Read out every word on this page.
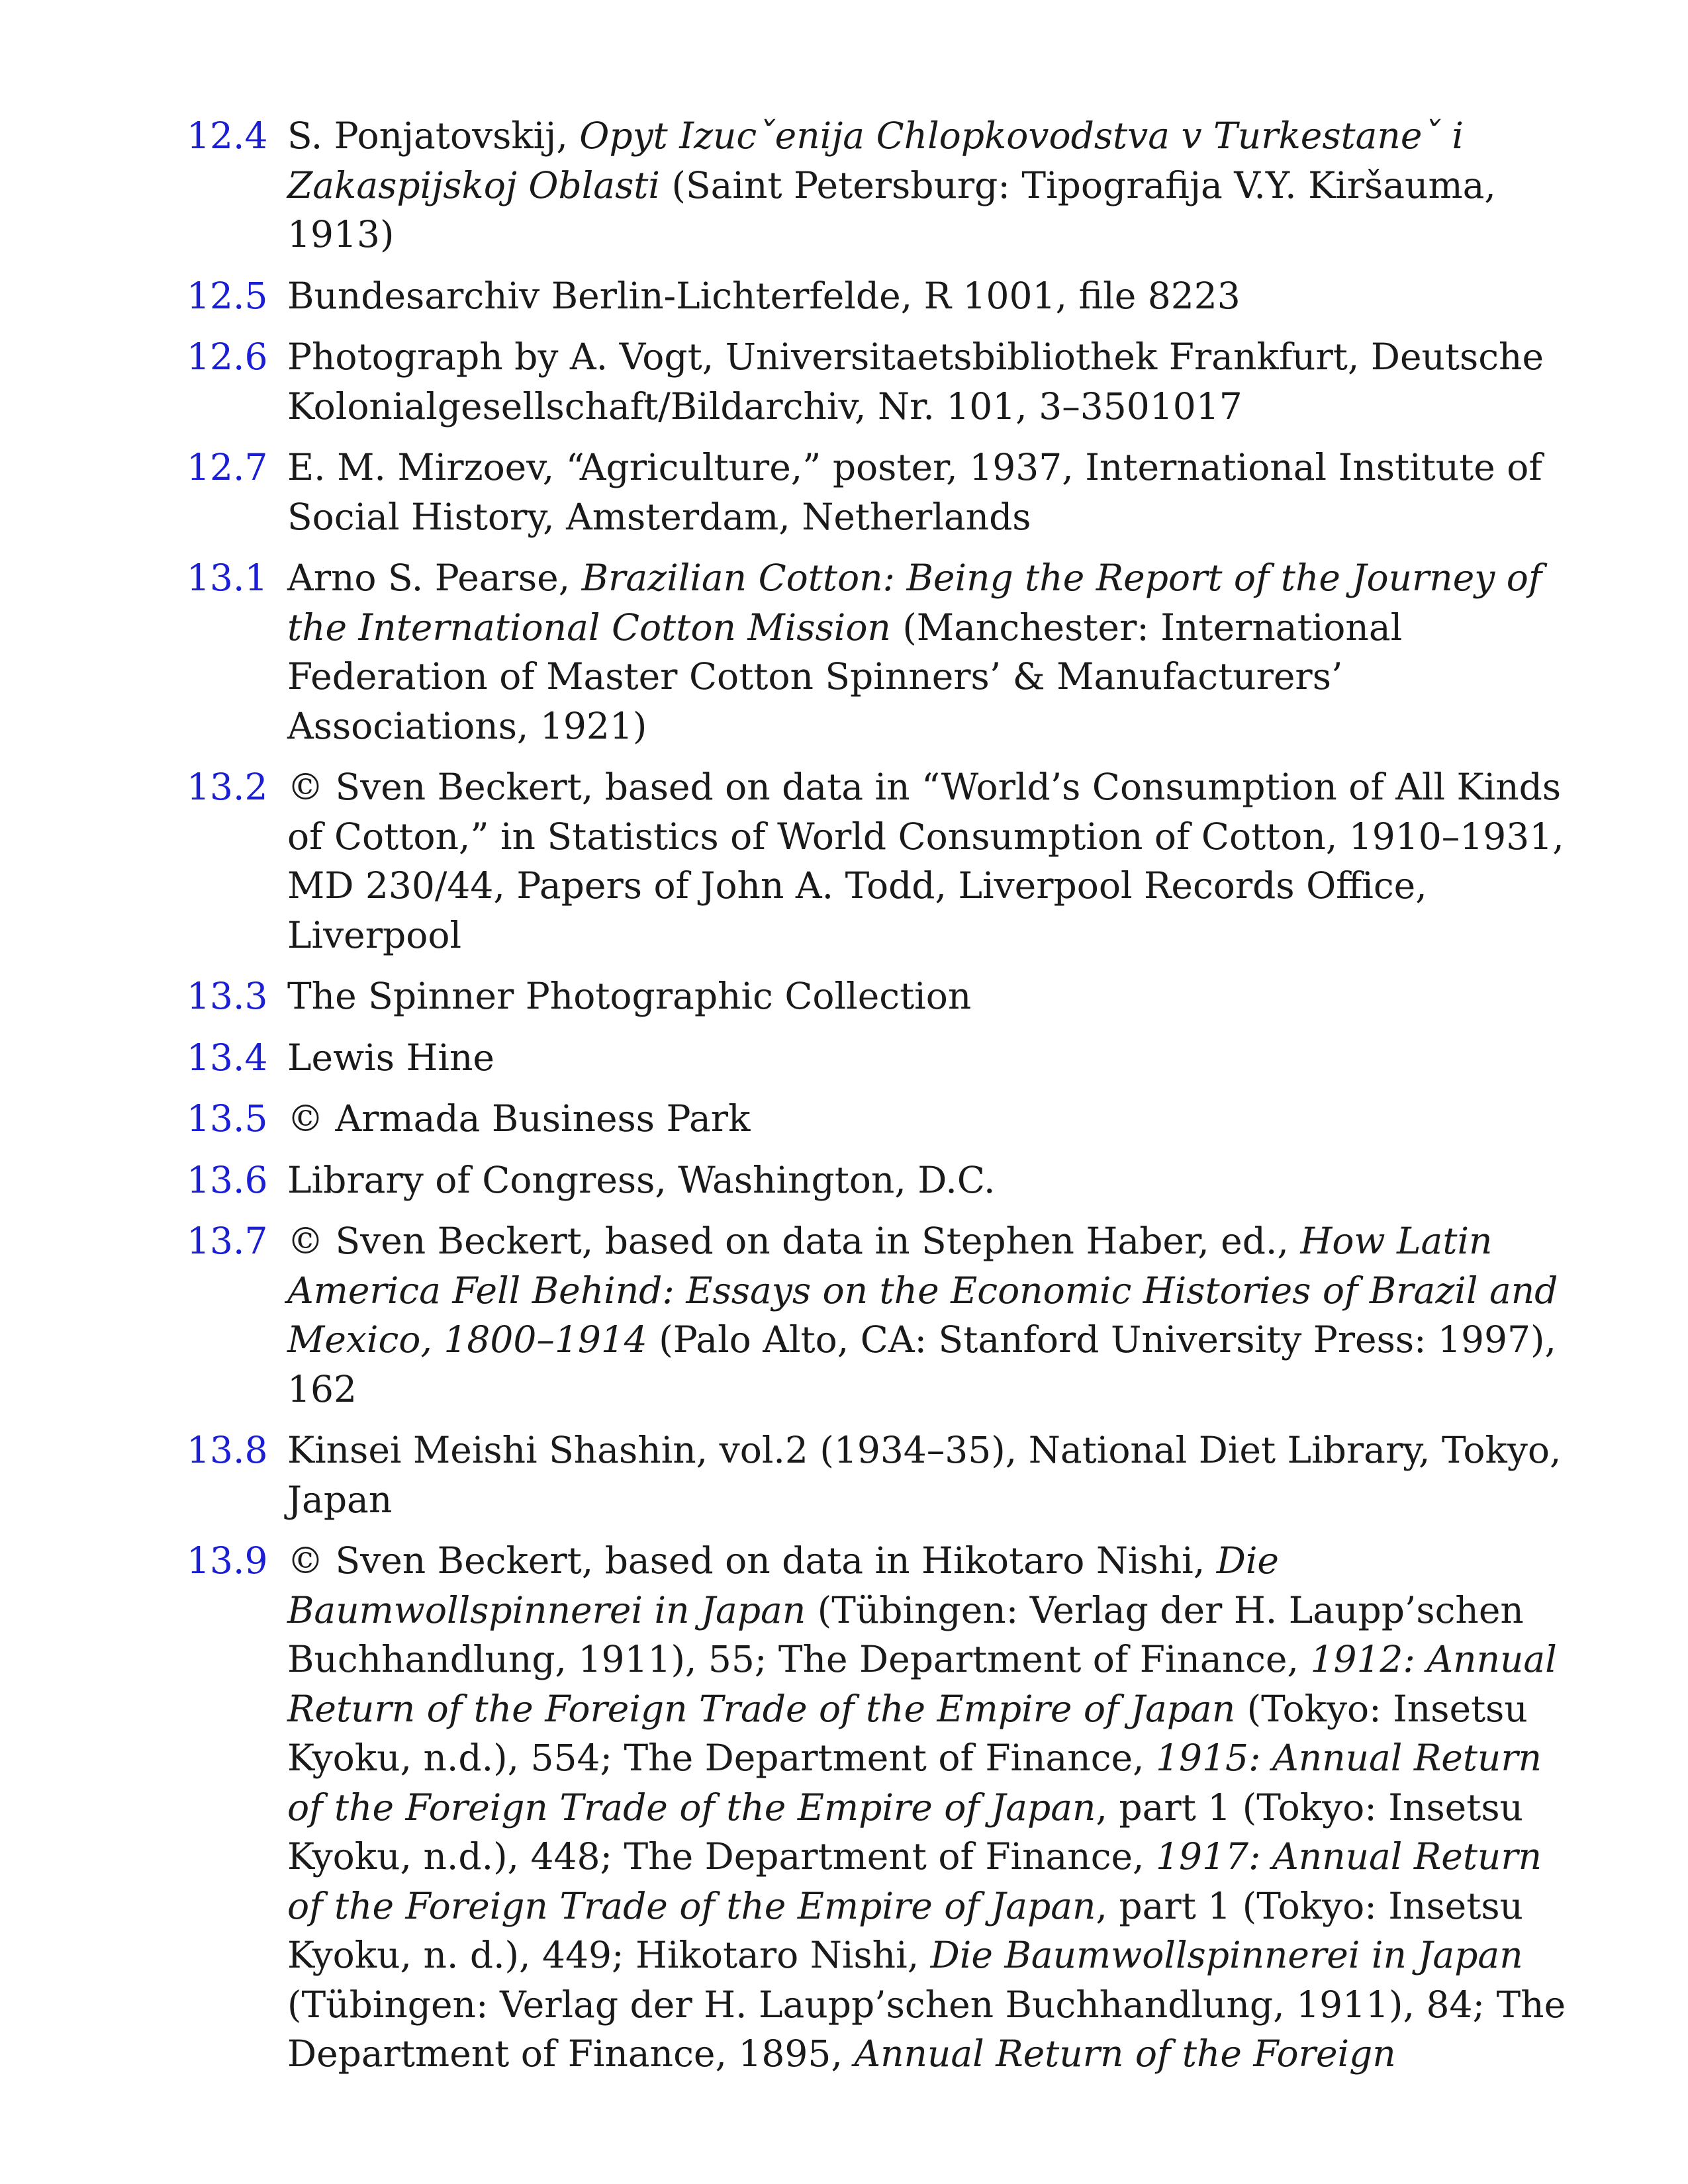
12.4 S. Ponjatovskij, Opyt Izucˇenija Chlopkovodstva v Turkestaneˇ i Zakaspijskoj Oblasti (Saint Petersburg: Tipografija V.Y. Kiršauma, 1913)
12.5 Bundesarchiv Berlin-Lichterfelde, R 1001, file 8223
12.6 Photograph by A. Vogt, Universitaetsbibliothek Frankfurt, Deutsche Kolonialgesellschaft/Bildarchiv, Nr. 101, 3–3501017
12.7 E. M. Mirzoev, “Agriculture,” poster, 1937, International Institute of Social History, Amsterdam, Netherlands
13.1 Arno S. Pearse, Brazilian Cotton: Being the Report of the Journey of the International Cotton Mission (Manchester: International Federation of Master Cotton Spinners’ & Manufacturers’ Associations, 1921)
13.2 © Sven Beckert, based on data in “World’s Consumption of All Kinds of Cotton,” in Statistics of World Consumption of Cotton, 1910–1931, MD 230/44, Papers of John A. Todd, Liverpool Records Office, Liverpool
13.3 The Spinner Photographic Collection
13.4 Lewis Hine
13.5 © Armada Business Park
13.6 Library of Congress, Washington, D.C.
13.7 © Sven Beckert, based on data in Stephen Haber, ed., How Latin America Fell Behind: Essays on the Economic Histories of Brazil and Mexico, 1800–1914 (Palo Alto, CA: Stanford University Press: 1997), 162
13.8 Kinsei Meishi Shashin, vol.2 (1934–35), National Diet Library, Tokyo, Japan
13.9 © Sven Beckert, based on data in Hikotaro Nishi, Die Baumwollspinnerei in Japan (Tübingen: Verlag der H. Laupp’schen Buchhandlung, 1911), 55; The Department of Finance, 1912: Annual Return of the Foreign Trade of the Empire of Japan (Tokyo: Insetsu Kyoku, n.d.), 554; The Department of Finance, 1915: Annual Return of the Foreign Trade of the Empire of Japan, part 1 (Tokyo: Insetsu Kyoku, n.d.), 448; The Department of Finance, 1917: Annual Return of the Foreign Trade of the Empire of Japan, part 1 (Tokyo: Insetsu Kyoku, n. d.), 449; Hikotaro Nishi, Die Baumwollspinnerei in Japan (Tübingen: Verlag der H. Laupp’schen Buchhandlung, 1911), 84; The Department of Finance, 1895, Annual Return of the Foreign
